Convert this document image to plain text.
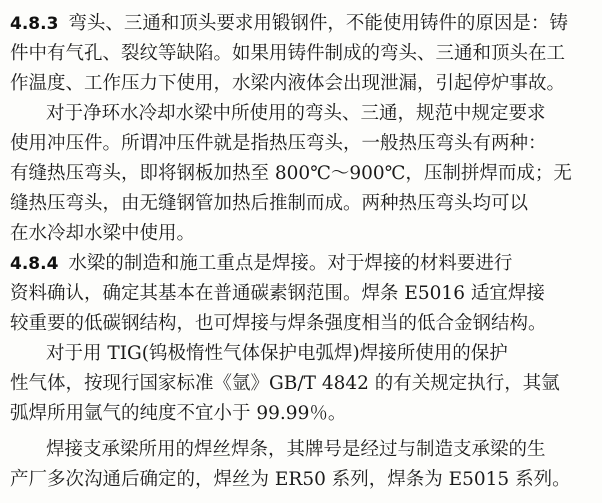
4.8.3 弯头、三通和顶头要求用锻钢件，不能使用铸件的原因是：铸
件中有气孔、裂纹等缺陷。如果用铸件制成的弯头、三通和顶头在工
作温度、工作压力下使用，水梁内液体会出现泄漏，引起停炉事故。
对于净环水冷却水梁中所使用的弯头、三通，规范中规定要求
使用冲压件。所谓冲压件就是指热压弯头，一般热压弯头有两种：
有缝热压弯头，即将钢板加热至 800℃～900℃，压制拼焊而成；无
缝热压弯头，由无缝钢管加热后推制而成。两种热压弯头均可以
在水冷却水梁中使用。
4.8.4 水梁的制造和施工重点是焊接。对于焊接的材料要进行
资料确认，确定其基本在普通碳素钢范围。焊条 E5016 适宜焊接
较重要的低碳钢结构，也可焊接与焊条强度相当的低合金钢结构。
对于用 TIG(钨极惰性气体保护电弧焊)焊接所使用的保护
性气体，按现行国家标准《氩》GB/T 4842 的有关规定执行，其氩
弧焊所用氩气的纯度不宜小于 99.99％。
焊接支承梁所用的焊丝焊条，其牌号是经过与制造支承梁的生
产厂多次沟通后确定的，焊丝为 ER50 系列，焊条为 E5015 系列。
